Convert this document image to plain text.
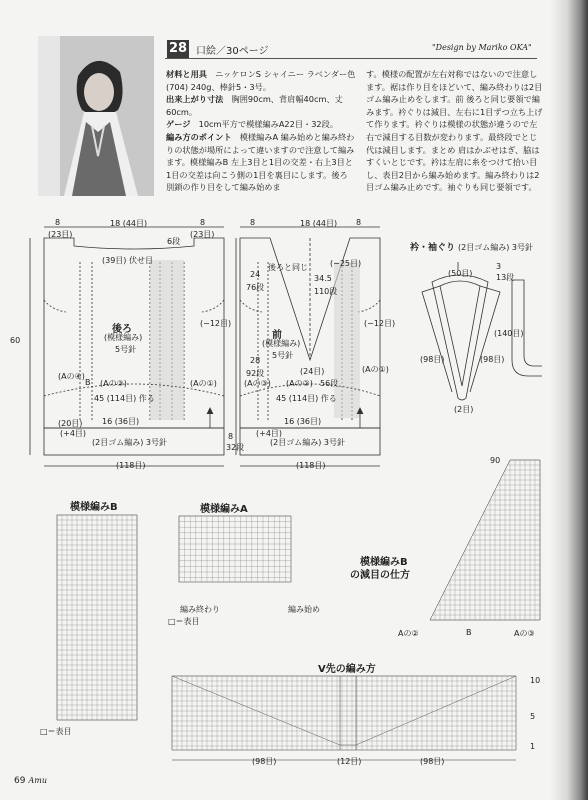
28 口絵／30ページ	"Design by Mariko OKA"
材料と用具　 ニッケロンS シャイニー ラベンダー色 (704) 240g、棒針5・3号。
出来上がり寸法　 胸囲90cm、背肩幅40cm、丈60cm。
ゲージ　 10cm平方で模様編みA22目・32段。
編み方のポイント　 模様編みA 編み始めと編み終わりの状態が場所によって違いますので注意して編みます。模様編みB 左上3目と1目の交差・右上3目と1目の交差は向こう側の1目を裏目にします。後ろ 別鎖の作り目をして編み始めま
す。模様の配置が左右対称ではないので注意します。裾は作り目をほどいて、編み終わりは2目ゴム編み止めをします。前 後ろと同じ要領で編みます。衿ぐりは減目、左右に1目ずつ立ち上げて作ります。衿ぐりは模様の状態が違うので左右で減目する目数が変わります。最終段でとじ代は減目します。まとめ 肩はかぶせはぎ、脇はすくいとじです。衿は左肩に糸をつけて拾い目し、表目2目から編み始めます。編み終わりは2目ゴム編み止めです。袖ぐりも同じ要領です。
8	18 (44目)	8
(23目)	(23目)
6段
(39目) 伏せ目
60
(−12目)
後ろ
(模様編み)
5号針
(Aの④)
(Aの③)	(Aの①)
B
45 (114目) 作る
16 (36目)
(20目)
(+4目)
(2目ゴム編み) 3号針
(118目)
8
32段
8	18 (44目) 8
(−25目)
24
76段
後ろと同じ
34.5
110段
(−12目)
前
(模様編み)
5号針
28
92段	(24目)
56段
(Aの①)
(Aの③) (Aの②)
45 (114目) 作る
16 (36目)
(+4目)
(2目ゴム編み) 3号針
(118目)
衿・袖ぐり (2目ゴム編み) 3号針
(50目)
3
13段
(140目)
(98目)	(98目)
(2目)
模様編みB	模様編みA
編み終わり	編み始め
□＝表目
□＝表目
模様編みB
の減目の仕方
Aの②	B	Aの③
90
V先の編み方
(98目)	(12目)	(98目)
10
5
1
69 Amu
